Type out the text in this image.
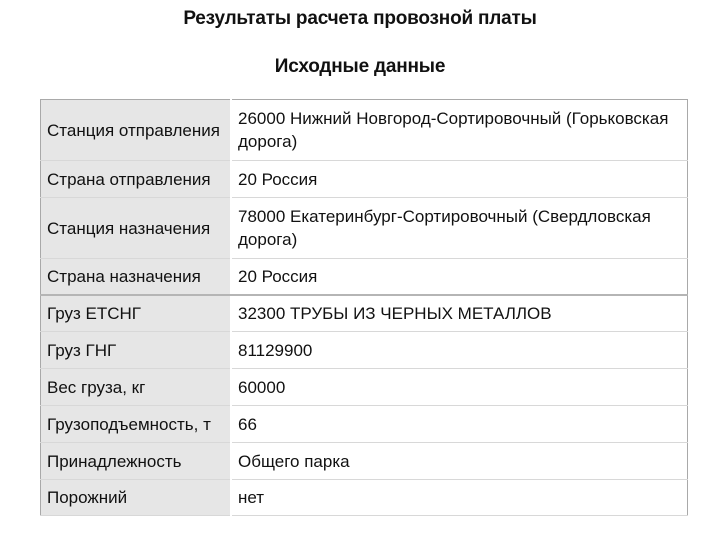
Результаты расчета провозной платы
Исходные данные
Станция отправления	26000 Нижний Новгород-Сортировочный (Горьковская дорога)
Страна отправления	20 Россия
Станция назначения	78000 Екатеринбург-Сортировочный (Свердловская дорога)
Страна назначения	20 Россия
Груз ЕТСНГ	32300 ТРУБЫ ИЗ ЧЕРНЫХ МЕТАЛЛОВ
Груз ГНГ	81129900
Вес груза, кг	60000
Грузоподъемность, т	66
Принадлежность	Общего парка
Порожний	нет
